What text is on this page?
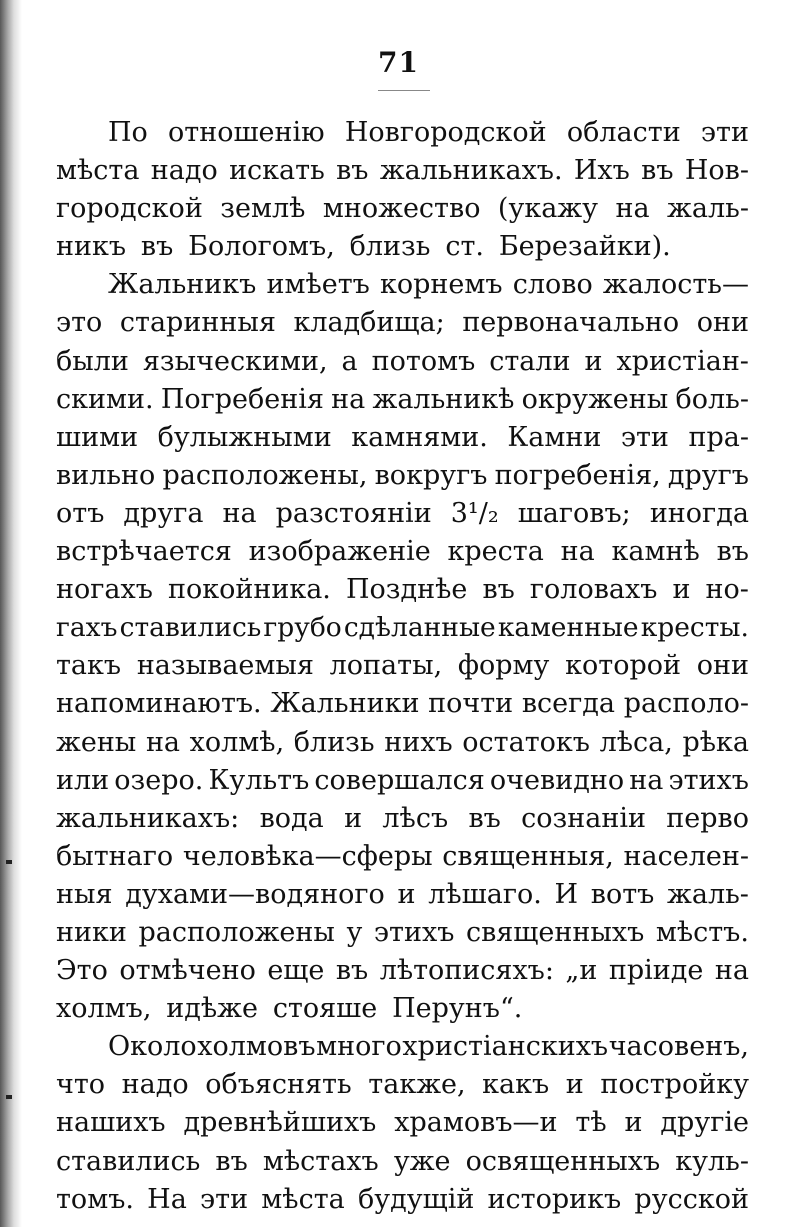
71
По отношенію Новгородской области эти
мѣста надо искать въ жальникахъ. Ихъ въ Нов-
городской землѣ множество (укажу на жаль-
никъ въ Бологомъ, близь ст. Березайки).
Жальникъ имѣетъ корнемъ слово жалость—
это старинныя кладбища; первоначально они
были языческими, а потомъ стали и христіан-
скими. Погребенія на жальникѣ окружены боль-
шими булыжными камнями. Камни эти пра-
вильно расположены, вокругъ погребенія, другъ
отъ друга на разстояніи 3¹/₂ шаговъ; иногда
встрѣчается изображеніе креста на камнѣ въ
ногахъ покойника. Позднѣе въ головахъ и но-
гахъ ставились грубо сдѣланные каменные кресты.
такъ называемыя лопаты, форму которой они
напоминаютъ. Жальники почти всегда располо-
жены на холмѣ, близь нихъ остатокъ лѣса, рѣка
или озеро. Культъ совершался очевидно на этихъ
жальникахъ: вода и лѣсъ въ сознаніи перво
бытнаго человѣка—сферы священныя, населен-
ныя духами—водяного и лѣшаго. И вотъ жаль-
ники расположены у этихъ священныхъ мѣстъ.
Это отмѣчено еще въ лѣтописяхъ: „и пріиде на
холмъ, идѣже стояше Перунъ“.
Около холмовъ много христіанскихъ часовенъ,
что надо объяснять также, какъ и постройку
нашихъ древнѣйшихъ храмовъ—и тѣ и другіе
ставились въ мѣстахъ уже освященныхъ куль-
томъ. На эти мѣста будущій историкъ русской
